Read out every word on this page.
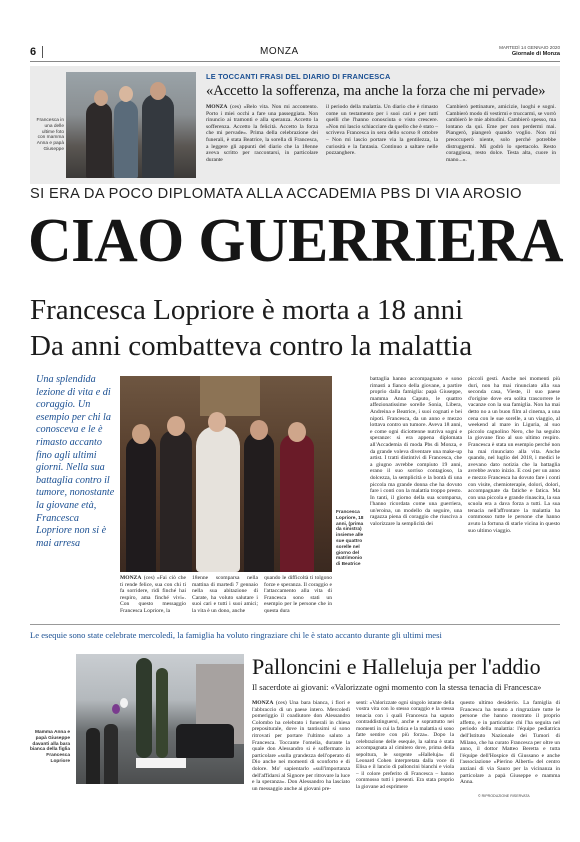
6	MONZA	MARTEDÌ 14 GENNAIO 2020
Giornale di Monza
Francesca in una delle ultime foto con mamma Anna e papà Giuseppe
LE TOCCANTI FRASI DEL DIARIO DI FRANCESCA
«Accetto la sofferenza, ma anche la forza che mi pervade»
MONZA (ces) «Belo vita. Non mi accontento. Porto i miei occhi a fare una passeggiata. Non rinuncio ai tramonti e alla speranza. Accetto la sofferenza. Accetto la felicità. Accetto la forza che mi pervade». Prima della celebrazione dei funerali, è stata Beatrice, la sorella di Francesca, a leggere gli appunti del diario che la 18enne aveva scritto per raccontarsi, in particolare durante
il periodo della malattia. Un diario che è rimasto come un testamento per i suoi cari e per tutti quelli che l'hanno conosciuta o visto crescere. «Non mi lascio schiacciare da quello che è stato – scriveva Francesca in sera dello scorso 8 ottobre – Non mi lascio portare via la gentilezza, la curiosità e la fantasia. Continuo a saltare nelle pozzanghere.
Cambierò pettinature, amicizie, luoghi e sogni. Cambierò modo di vestirmi e truccarmi, se vorrò cambierò le mie abitudini. Cambierò spesso, ma lontano da qui. Eme per non perdermi mai. Piangerò, piangerò quando voglio. Non mi preoccuperò niente, solo perché potrebbe distruggermi. Mi godrò lo spettacolo. Resto coraggiosa, resto dolce. Testa alta, cuore in mano...».
SI ERA DA POCO DIPLOMATA ALLA ACCADEMIA PBS DI VIA AROSIO
CIAO GUERRIERA
Francesca Lopriore è morta a 18 anni
Da anni combatteva contro la malattia
Una splendida lezione di vita e di coraggio. Un esempio per chi la conosceva e le è rimasto accanto fino agli ultimi giorni. Nella sua battaglia contro il tumore, nonostante la giovane età, Francesca Lopriore non si è mai arresa
Francesca Lopriore, 18 anni, (prima da sinistra) insieme alle sue quattro sorelle nel giorno del matrimonio di Beatrice
MONZA (ces) «Fai ciò che ti rende felice, sua con chi ti fa sorridere, ridi finché hai respiro, ama finché vivi». Con questo messaggio Francesca Lopriore, la
18enne scomparsa nella mattina di martedì 7 gennaio nella sua abitazione di Carate, ha voluto salutare i suoi cari e tutti i suoi amici; la vita è un dono, anche
quando le difficoltà ti tolgono forze e speranza. Il coraggio e l'attaccamento alla vita di Francesca sono stati un esempio per le persone che in questa dura
battaglia hanno accompagnato e sono rimasti a fianco della giovane, a partire proprio dalla famiglia: papà Giuseppe, mamma Anna Caputo, le quattro affezionatissime sorelle Sonia, Libera, Andreina e Beatrice, i suoi cognati e bei nipoti. Francesca, da un anno e mezzo lottava contro un tumore. Aveva 18 anni, e come ogni diciottenne nutriva sogni e speranze: si era appena diplomata all'Accademia di moda Pbs di Monza, e da grande voleva diventare una make-up artist. I tratti distintivi di Francesca, che a giugno avrebbe compiuto 19 anni, erano il suo sorriso contagioso, la dolcezza, la semplicità e la bontà di una piccola ma grande donna che ha dovuto fare i conti con la malattia troppo presto. In tanti, il giorno della sua scomparsa, l'hanno ricordata come una guerriera, un'eroina, un modello da seguire, una ragazza piena di coraggio che riusciva a valorizzare la semplicità dei
piccoli gesti. Anche nei momenti più duri, non ha mai rinunciato alla sua seconda casa, Vieste, il suo paese d'origine dove era solita trascorrere le vacanze con la sua famiglia. Non ha mai detto no a un buon film al cinema, a una cena con le sue sorelle, a un viaggio, al weekend al mare in Liguria, al suo piccolo cagnolino Nero, che ha seguito la giovane fino al suo ultimo respiro. Francesca è stata un esempio perché non ha mai rinunciato alla vita. Anche quando, nel luglio del 2018, i medici le avevano dato notizia che la battaglia avrebbe avuto inizio. E così per un anno e mezzo Francesca ha dovuto fare i conti con visite, chemioterapie, dolori, dolori, accompagnate da fatiche e fatica. Ma con una piccola e grande rinascita, la sua scuola era a dava forza a tutti. La sua tenacia nell'affrontare la malattia ha commosso tutte le persone che hanno avuto la fortuna di starle vicina in questo suo ultimo viaggio.
Le esequie sono state celebrate mercoledì, la famiglia ha voluto ringraziare chi le è stato accanto durante gli ultimi mesi
Mamma Anna e papà Giuseppe davanti alla bara bianca della figlia Francesca Lopriore
Palloncini e Halleluja per l'addio
Il sacerdote ai giovani: «Valorizzate ogni momento con la stessa tenacia di Francesca»
MONZA (ces) Una bara bianca, i fiori e l'abbraccio di un paese intero. Mercoledì pomeriggio il coadiutore don Alessandro Colombo ha celebrato i funerali in chiesa prepositurale, dove in tantissimi si sono ritrovati per portare l'ultimo saluto a Francesca. Toccante l'omelia, durante la quale don Alessandro si è soffermato in particolare «sulla grandezza dell'operato di Dio anche nei momenti di sconforto e di dolore. Mo' sapientarlo «sull'importanza dell'affidarsi al Signore per ritrovare la luce e la speranza». Don Alessandro ha lasciato un messaggio anche ai giovani pre-
senti: «Valorizzate ogni singolo istante della vostra vita con lo stesso coraggio e la stessa tenacia con i quali Francesca ha saputo contraddistinguersi, anche e soprattutto nei momenti in cui la fatica e la malattia si sono fatte sentire con più forza». Dopo la celebrazione delle esequie, la salma è stata accompagnata al cimitero dove, prima della sepoltura, le sorgente «Halleluja» di Leonard Cohen interpretata dalla voce di Elisa e il lancio di palloncini bianchi e viola – il colore preferito di Francesca – hanno commosso tutti i presenti. Era stata proprio la giovane ad esprimere
questo ultimo desiderio. La famiglia di Francesca ha tenuto a ringraziare tutte le persone che hanno mostrato il proprio affetto, e in particolare chi l'ha seguita nel periodo della malattia: l'équipe pediatrica dell'Istituto Nazionale dei Tumori di Milano, che ha curato Francesca per oltre un anno, il dottor Matteo Beretta e tutta l'équipe dell'Hospice di Giussano e anche l'associazione «Pierino Alberti» del centro anziani di via Sauro per la vicinanza in particolare a papà Giuseppe e mamma Anna.
© RIPRODUZIONE RISERVATA
